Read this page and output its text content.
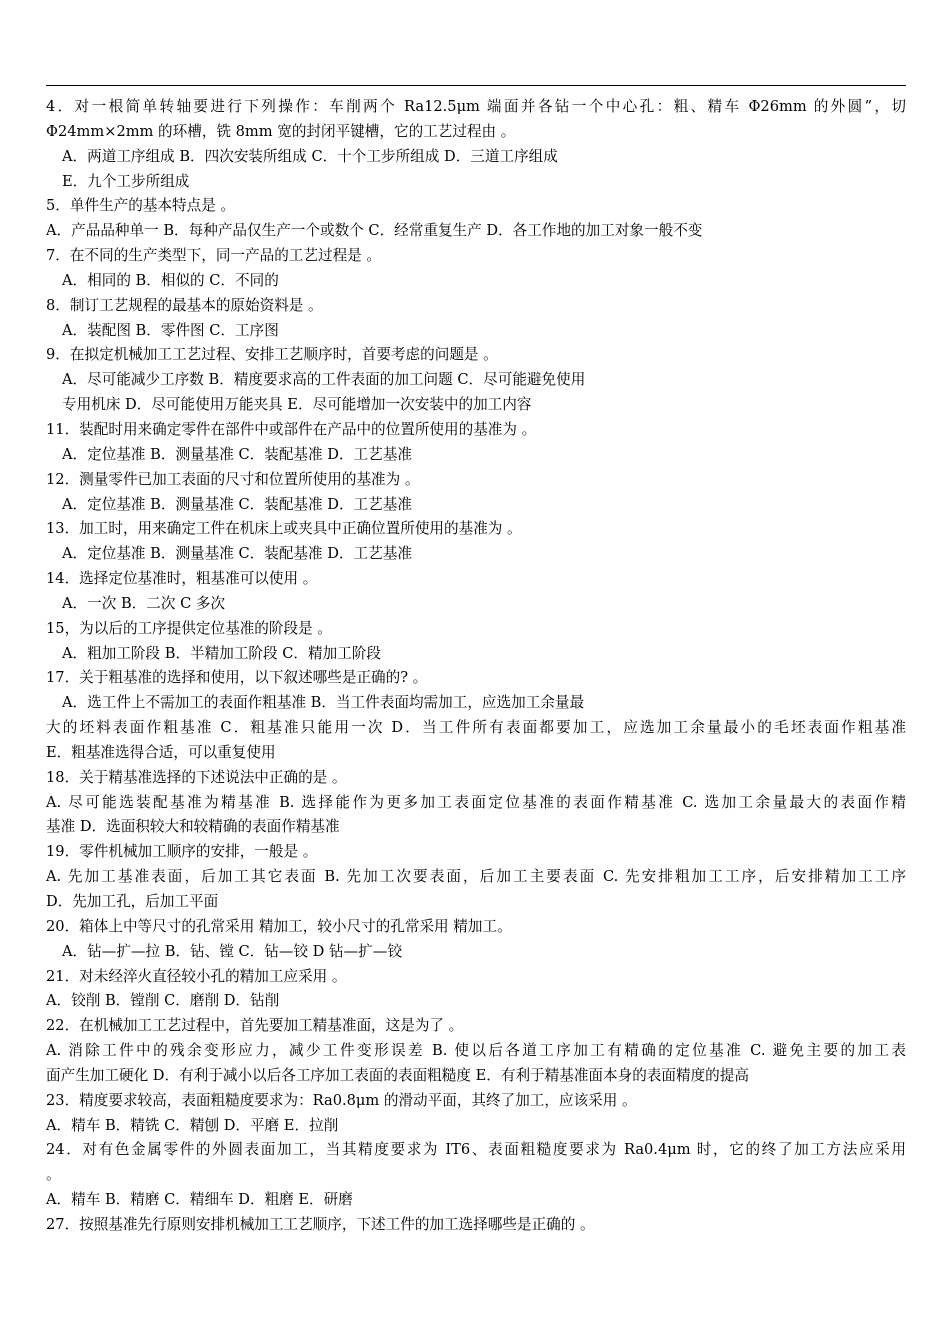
4．对一根简单转轴要进行下列操作：车削两个 Ra12.5μm 端面并各钻一个中心孔：粗、精车 Φ26mm 的外圆”，切
Φ24mm×2mm 的环槽，铣 8mm 宽的封闭平键槽，它的工艺过程由 。
A．两道工序组成 B．四次安装所组成 C．十个工步所组成 D．三道工序组成
E．九个工步所组成
5．单件生产的基本特点是 。
A．产品品种单一 B．每种产品仅生产一个或数个 C．经常重复生产 D．各工作地的加工对象一般不变
7．在不同的生产类型下，同一产品的工艺过程是 。
A．相同的 B．相似的 C．不同的
8．制订工艺规程的最基本的原始资料是 。
A．装配图 B．零件图 C．工序图
9．在拟定机械加工工艺过程、安排工艺顺序时，首要考虑的问题是 。
A．尽可能减少工序数 B．精度要求高的工件表面的加工问题 C．尽可能避免使用
专用机床 D．尽可能使用万能夹具 E．尽可能增加一次安装中的加工内容
11．装配时用来确定零件在部件中或部件在产品中的位置所使用的基准为 。
A．定位基准 B．测量基准 C．装配基准 D．工艺基准
12．测量零件已加工表面的尺寸和位置所使用的基准为 。
A．定位基准 B．测量基准 C．装配基准 D．工艺基准
13．加工时，用来确定工件在机床上或夹具中正确位置所使用的基准为 。
A．定位基准 B．测量基准 C．装配基准 D．工艺基准
14．选择定位基准时，粗基准可以使用 。
A．一次 B．二次 C 多次
15，为以后的工序提供定位基准的阶段是 。
A．粗加工阶段 B．半精加工阶段 C．精加工阶段
17．关于粗基准的选择和使用，以下叙述哪些是正确的? 。
A．选工件上不需加工的表面作粗基准 B．当工件表面均需加工，应选加工余量最
大的坯料表面作粗基准 C．粗基准只能用一次 D．当工件所有表面都要加工，应选加工余量最小的毛坯表面作粗基准
E．粗基准选得合适，可以重复使用
18．关于精基准选择的下述说法中正确的是 。
A. 尽可能选装配基准为精基准 B. 选择能作为更多加工表面定位基准的表面作精基准 C. 选加工余量最大的表面作精
基准 D．选面积较大和较精确的表面作精基准
19．零件机械加工顺序的安排，一般是 。
A. 先加工基准表面，后加工其它表面 B. 先加工次要表面，后加工主要表面 C. 先安排粗加工工序，后安排精加工工序
D．先加工孔，后加工平面
20．箱体上中等尺寸的孔常采用 精加工，较小尺寸的孔常采用 精加工。
A．钻—扩—拉 B．钻、镗 C．钻—铰 D 钻—扩—铰
21．对未经淬火直径较小孔的精加工应采用 。
A．铰削 B．镗削 C．磨削 D．钻削
22．在机械加工工艺过程中，首先要加工精基准面，这是为了 。
A. 消除工件中的残余变形应力，减少工件变形误差 B. 使以后各道工序加工有精确的定位基准 C. 避免主要的加工表
面产生加工硬化 D．有利于减小以后各工序加工表面的表面粗糙度 E．有利于精基准面本身的表面精度的提高
23．精度要求较高，表面粗糙度要求为：Ra0.8μm 的滑动平面，其终了加工，应该采用 。
A．精车 B．精铣 C．精刨 D．平磨 E．拉削
24．对有色金属零件的外圆表面加工，当其精度要求为 IT6、表面粗糙度要求为 Ra0.4μm 时，它的终了加工方法应采用
。
A．精车 B．精磨 C．精细车 D．粗磨 E．研磨
27．按照基准先行原则安排机械加工工艺顺序，下述工件的加工选择哪些是正确的 。
